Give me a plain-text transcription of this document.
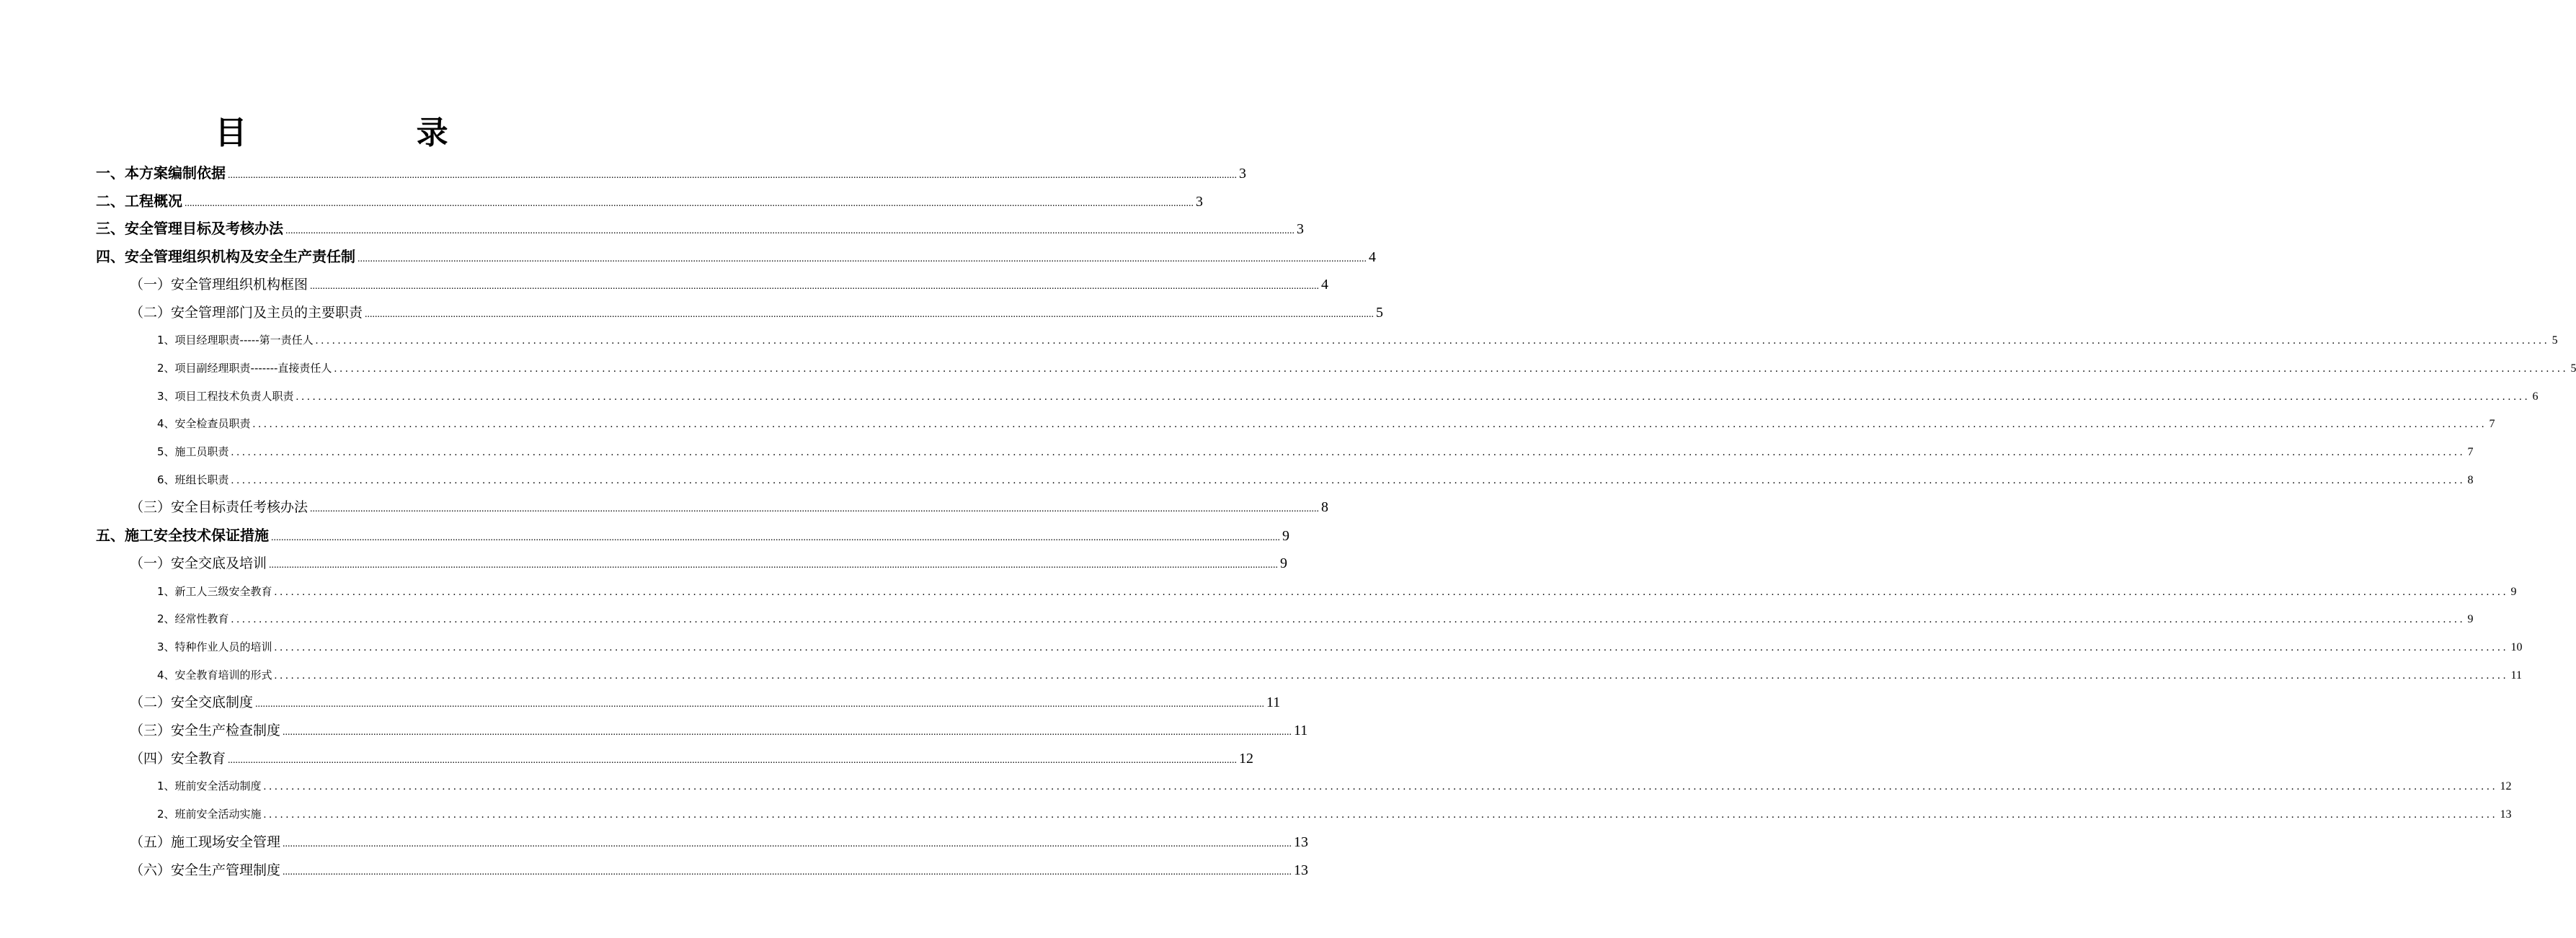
目 录
一、本方案编制依据 ................................................................................................................................................................................................................................................................................................................................................................................................................ 3
二、工程概况 ................................................................................................................................................................................................................................................................................................................................................................................................................ 3
三、安全管理目标及考核办法 ................................................................................................................................................................................................................................................................................................................................................................................................................ 3
四、安全管理组织机构及安全生产责任制 ................................................................................................................................................................................................................................................................................................................................................................................................................ 4
（一）安全管理组织机构框图 ................................................................................................................................................................................................................................................................................................................................................................................................................ 4
（二）安全管理部门及主员的主要职责 ................................................................................................................................................................................................................................................................................................................................................................................................................ 5
1、项目经理职责-----第一责任人 ................................................................................................................................................................................................................................................................................................................................................................................................................ 5
2、项目副经理职责-------直接责任人 ................................................................................................................................................................................................................................................................................................................................................................................................................ 5
3、项目工程技术负责人职责 ................................................................................................................................................................................................................................................................................................................................................................................................................ 6
4、安全检查员职责 ................................................................................................................................................................................................................................................................................................................................................................................................................ 7
5、施工员职责 ................................................................................................................................................................................................................................................................................................................................................................................................................ 7
6、班组长职责 ................................................................................................................................................................................................................................................................................................................................................................................................................ 8
（三）安全目标责任考核办法 ................................................................................................................................................................................................................................................................................................................................................................................................................ 8
五、施工安全技术保证措施 ................................................................................................................................................................................................................................................................................................................................................................................................................ 9
（一）安全交底及培训 ................................................................................................................................................................................................................................................................................................................................................................................................................ 9
1、新工人三级安全教育 ................................................................................................................................................................................................................................................................................................................................................................................................................ 9
2、经常性教育 ................................................................................................................................................................................................................................................................................................................................................................................................................ 9
3、特种作业人员的培训 ................................................................................................................................................................................................................................................................................................................................................................................................................ 10
4、安全教育培训的形式 ................................................................................................................................................................................................................................................................................................................................................................................................................ 11
（二）安全交底制度 ................................................................................................................................................................................................................................................................................................................................................................................................................ 11
（三）安全生产检查制度 ................................................................................................................................................................................................................................................................................................................................................................................................................ 11
（四）安全教育 ................................................................................................................................................................................................................................................................................................................................................................................................................ 12
1、班前安全活动制度 ................................................................................................................................................................................................................................................................................................................................................................................................................ 12
2、班前安全活动实施 ................................................................................................................................................................................................................................................................................................................................................................................................................ 13
（五）施工现场安全管理 ................................................................................................................................................................................................................................................................................................................................................................................................................ 13
（六）安全生产管理制度 ................................................................................................................................................................................................................................................................................................................................................................................................................ 13
